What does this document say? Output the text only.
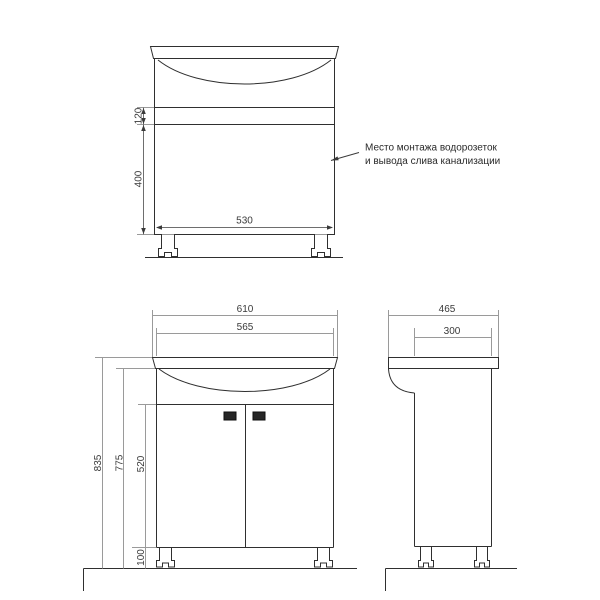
120
400
530
Место монтажа водорозеток
и вывода слива канализации
610
565
835 775 520
100
465
300
